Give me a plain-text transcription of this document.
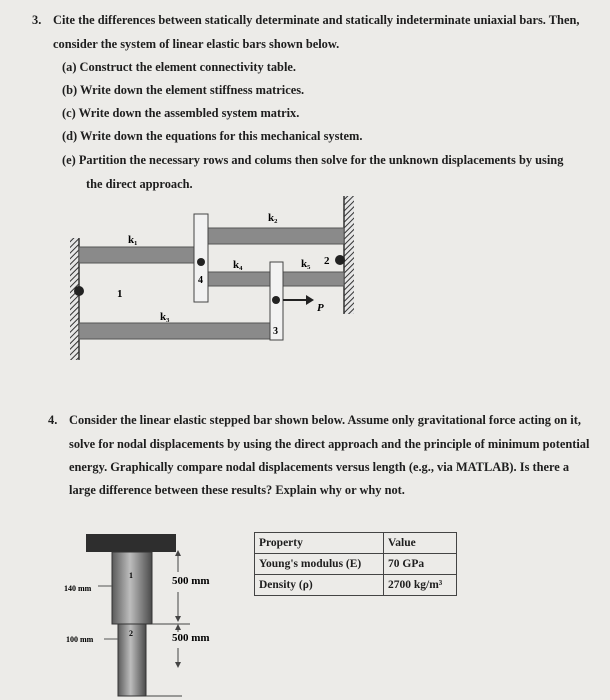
3. Cite the differences between statically determinate and statically indeterminate uniaxial bars. Then,
consider the system of linear elastic bars shown below.
(a) Construct the element connectivity table.
(b) Write down the element stiffness matrices.
(c) Write down the assembled system matrix.
(d) Write down the equations for this mechanical system.
(e) Partition the necessary rows and colums then solve for the unknown displacements by using
the direct approach.
k₁
k₂
k₃
k₄	k₅
1
2
3
4
P
4. Consider the linear elastic stepped bar shown below. Assume only gravitational force acting on it,
solve for nodal displacements by using the direct approach and the principle of minimum potential
energy. Graphically compare nodal displacements versus length (e.g., via MATLAB). Is there a
large difference between these results? Explain why or why not.
140 mm
100 mm
500 mm
500 mm
1
2
Property	Value
Young's modulus (E)	70 GPa
Density (ρ)	2700 kg/m³
